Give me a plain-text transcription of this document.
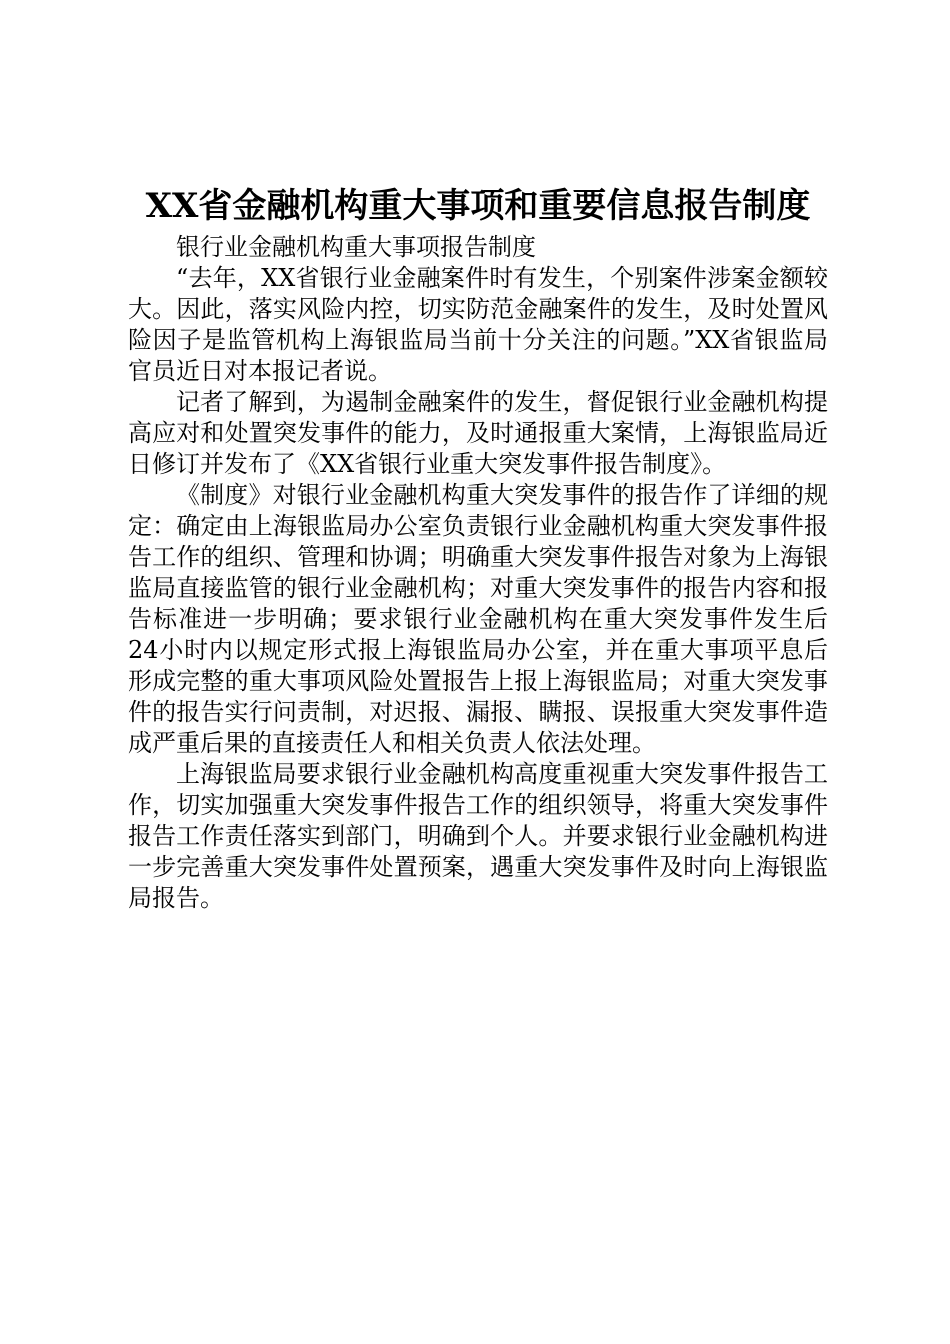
XX省金融机构重大事项和重要信息报告制度

银行业金融机构重大事项报告制度

“去年，XX省银行业金融案件时有发生，个别案件涉案金额较大。因此，落实风险内控，切实防范金融案件的发生，及时处置风险因子是监管机构上海银监局当前十分关注的问题。”XX省银监局官员近日对本报记者说。

记者了解到，为遏制金融案件的发生，督促银行业金融机构提高应对和处置突发事件的能力，及时通报重大案情，上海银监局近日修订并发布了《XX省银行业重大突发事件报告制度》。

《制度》对银行业金融机构重大突发事件的报告作了详细的规定：确定由上海银监局办公室负责银行业金融机构重大突发事件报告工作的组织、管理和协调；明确重大突发事件报告对象为上海银监局直接监管的银行业金融机构；对重大突发事件的报告内容和报告标准进一步明确；要求银行业金融机构在重大突发事件发生后24小时内以规定形式报上海银监局办公室，并在重大事项平息后形成完整的重大事项风险处置报告上报上海银监局；对重大突发事件的报告实行问责制，对迟报、漏报、瞒报、误报重大突发事件造成严重后果的直接责任人和相关负责人依法处理。

上海银监局要求银行业金融机构高度重视重大突发事件报告工作，切实加强重大突发事件报告工作的组织领导，将重大突发事件报告工作责任落实到部门，明确到个人。并要求银行业金融机构进一步完善重大突发事件处置预案，遇重大突发事件及时向上海银监局报告。
